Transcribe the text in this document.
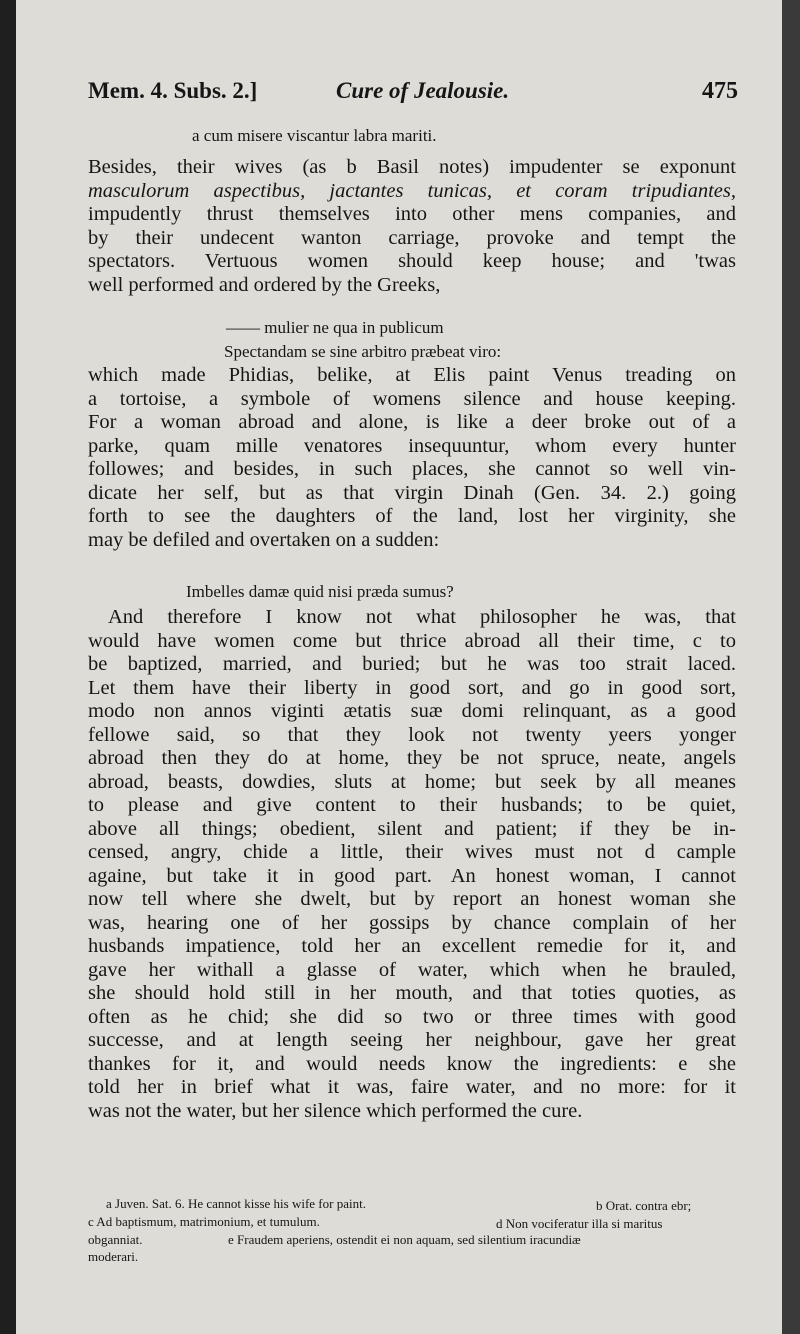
Mem. 4. Subs. 2.]	Cure of Jealousie.	475
a cum misere viscantur labra mariti.
Besides, their wives (as b Basil notes) impudenter se exponunt
masculorum aspectibus, jactantes tunicas, et coram tripudiantes,
impudently thrust themselves into other mens companies, and
by their undecent wanton carriage, provoke and tempt the
spectators. Vertuous women should keep house; and 'twas
well performed and ordered by the Greeks,
—— mulier ne qua in publicum
Spectandam se sine arbitro præbeat viro:
which made Phidias, belike, at Elis paint Venus treading on
a tortoise, a symbole of womens silence and house keeping.
For a woman abroad and alone, is like a deer broke out of a
parke, quam mille venatores insequuntur, whom every hunter
followes; and besides, in such places, she cannot so well vin-
dicate her self, but as that virgin Dinah (Gen. 34. 2.) going
forth to see the daughters of the land, lost her virginity, she
may be defiled and overtaken on a sudden:
Imbelles damæ quid nisi præda sumus?
And therefore I know not what philosopher he was, that
would have women come but thrice abroad all their time, c to
be baptized, married, and buried; but he was too strait laced.
Let them have their liberty in good sort, and go in good sort,
modo non annos viginti ætatis suæ domi relinquant, as a good
fellowe said, so that they look not twenty yeers yonger
abroad then they do at home, they be not spruce, neate, angels
abroad, beasts, dowdies, sluts at home; but seek by all meanes
to please and give content to their husbands; to be quiet,
above all things; obedient, silent and patient; if they be in-
censed, angry, chide a little, their wives must not d cample
againe, but take it in good part. An honest woman, I cannot
now tell where she dwelt, but by report an honest woman she
was, hearing one of her gossips by chance complain of her
husbands impatience, told her an excellent remedie for it, and
gave her withall a glasse of water, which when he brauled,
she should hold still in her mouth, and that toties quoties, as
often as he chid; she did so two or three times with good
successe, and at length seeing her neighbour, gave her great
thankes for it, and would needs know the ingredients: e she
told her in brief what it was, faire water, and no more: for it
was not the water, but her silence which performed the cure.
a Juven. Sat. 6. He cannot kisse his wife for paint.	b Orat. contra ebr;
c Ad baptismum, matrimonium, et tumulum.	d Non vociferatur illa si maritus
obganniat.	e Fraudem aperiens, ostendit ei non aquam, sed silentium iracundiæ
moderari.
